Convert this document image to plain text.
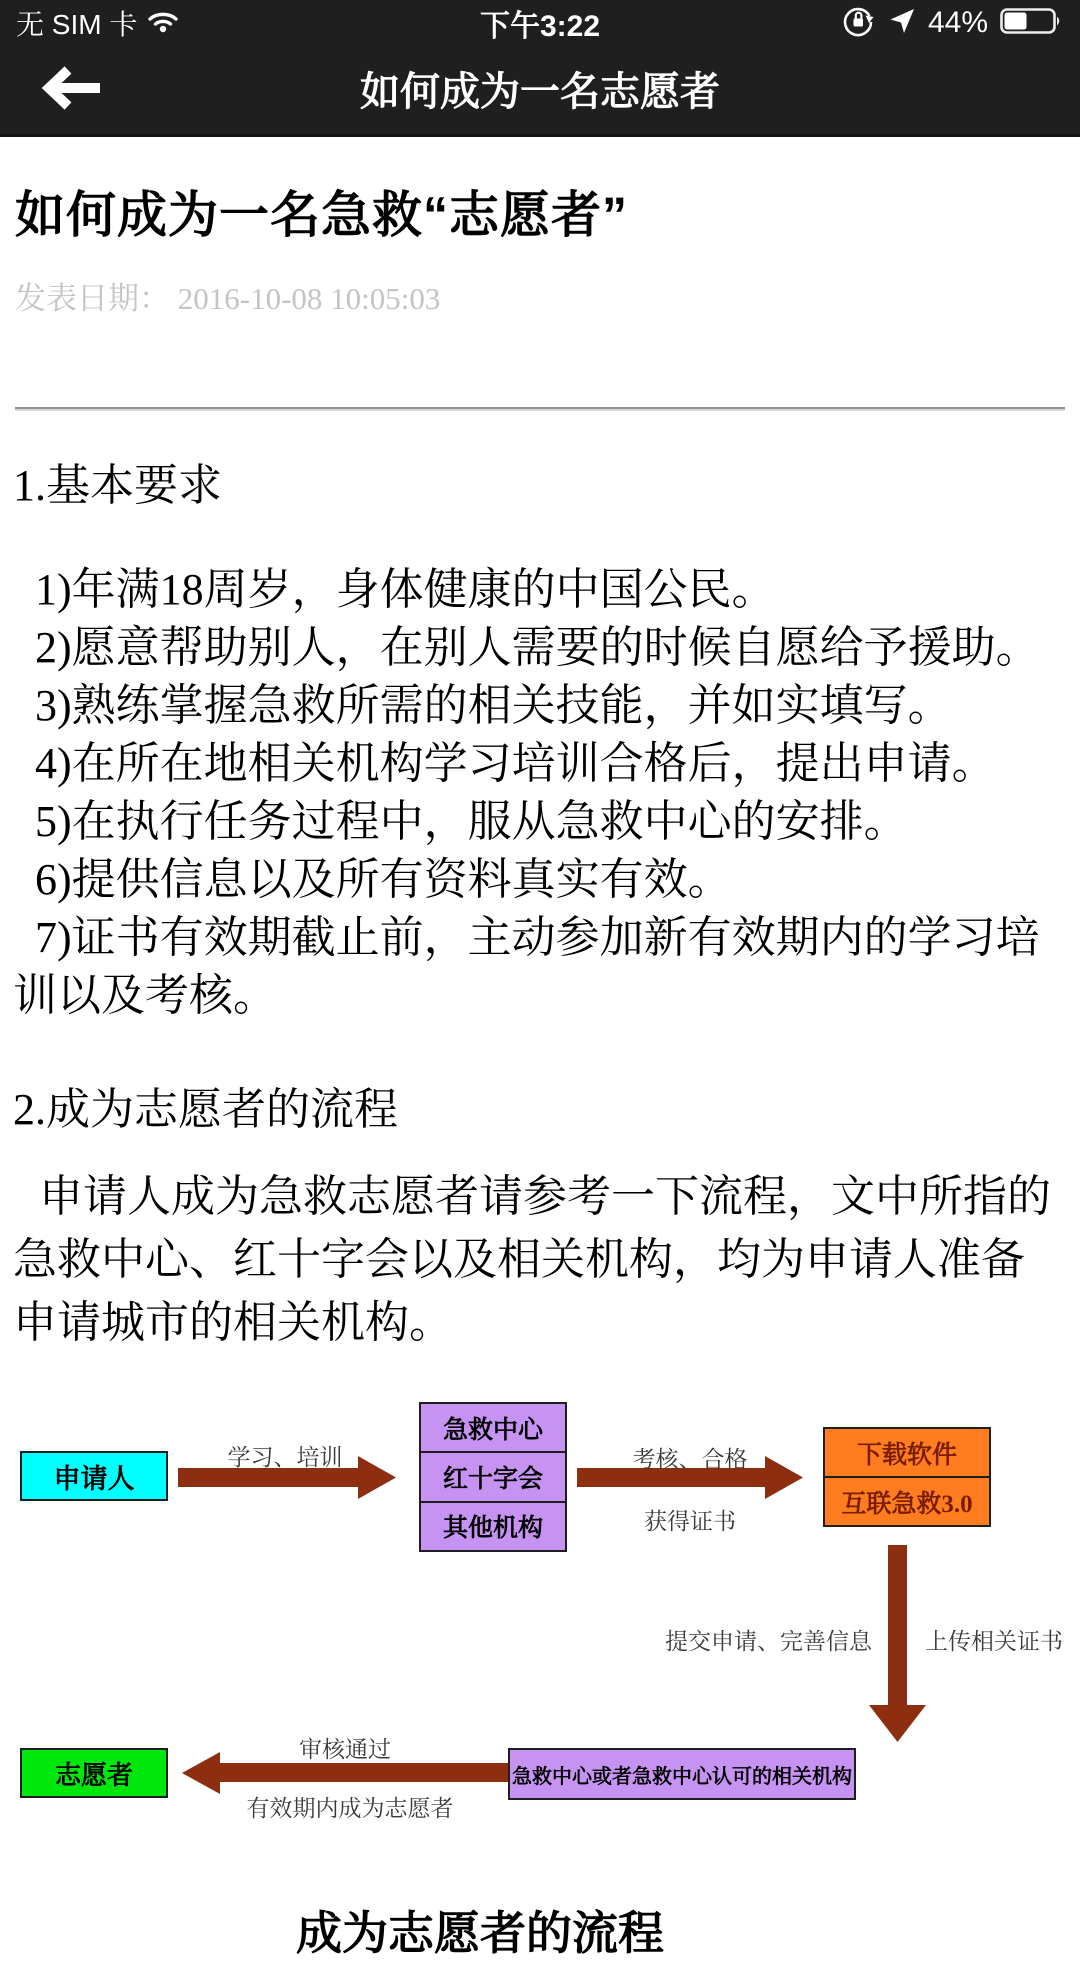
无 SIM 卡	下午3:22	44%
如何成为一名志愿者
如何成为一名急救“志愿者”
发表日期： 2016-10-08 10:05:03
1.基本要求
1)年满18周岁，身体健康的中国公民。
2)愿意帮助别人，在别人需要的时候自愿给予援助。
3)熟练掌握急救所需的相关技能，并如实填写。
4)在所在地相关机构学习培训合格后，提出申请。
5)在执行任务过程中，服从急救中心的安排。
6)提供信息以及所有资料真实有效。
7)证书有效期截止前，主动参加新有效期内的学习培训以及考核。
2.成为志愿者的流程
申请人成为急救志愿者请参考一下流程，文中所指的急救中心、红十字会以及相关机构，均为申请人准备申请城市的相关机构。
申请人
学习、培训
急救中心
红十字会
其他机构
考核、合格
获得证书
下载软件
互联急救3.0
提交申请、完善信息 上传相关证书
急救中心或者急救中心认可的相关机构
审核通过
有效期内成为志愿者
志愿者
成为志愿者的流程
